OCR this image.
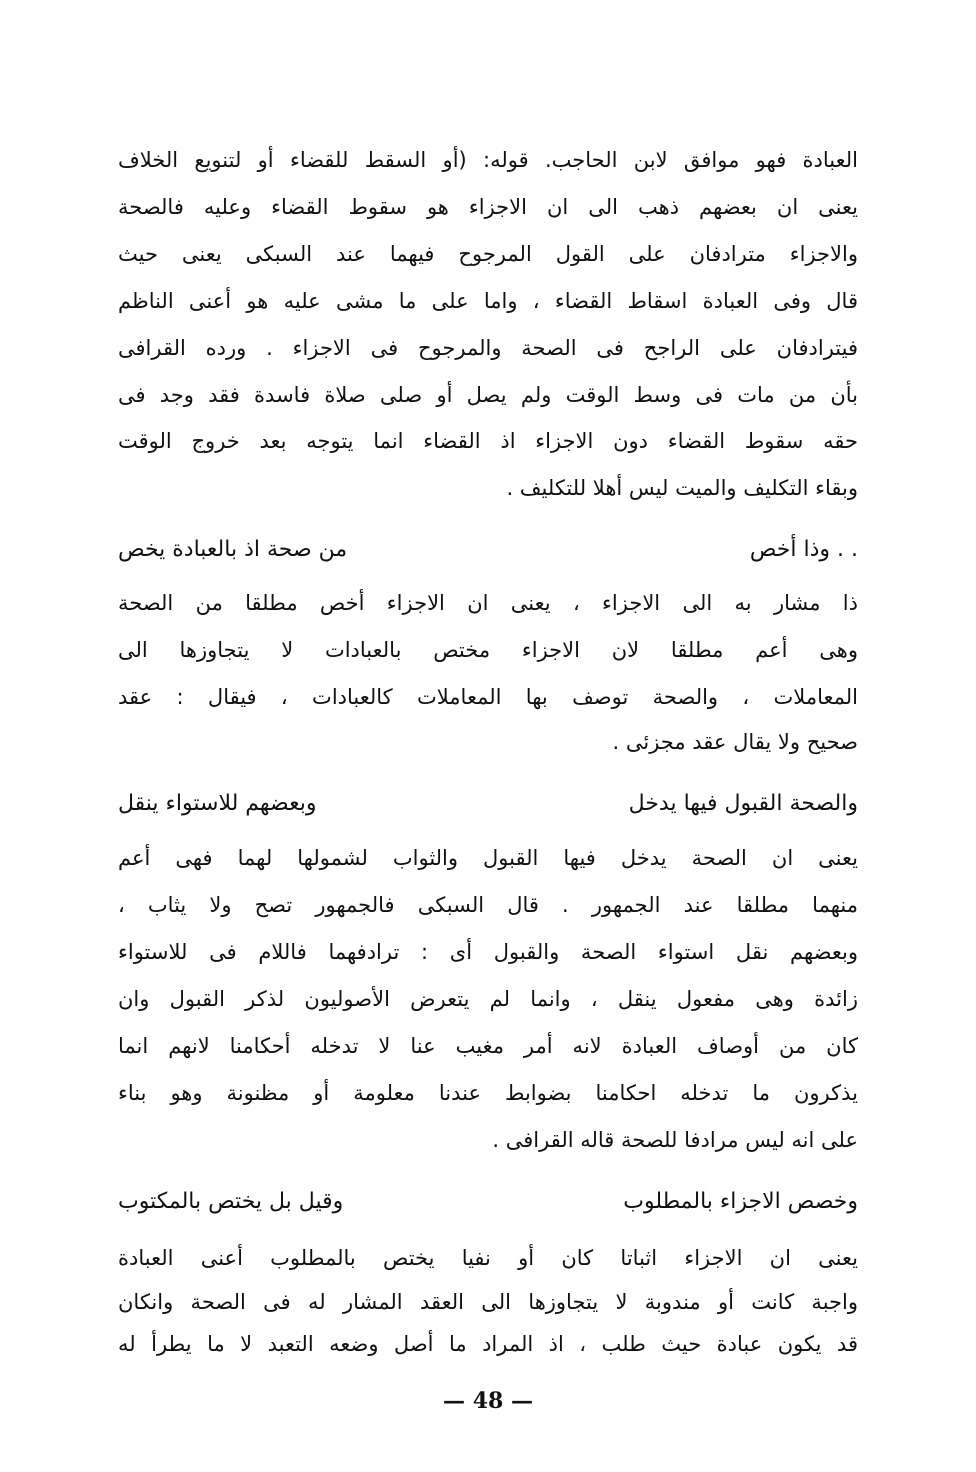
العبادة فهو موافق لابن الحاجب. قوله: (أو السقط للقضاء أو لتنويع الخلاف
يعنى ان بعضهم ذهب الى ان الاجزاء هو سقوط القضاء وعليه فالصحة
والاجزاء مترادفان على القول المرجوح فيهما عند السبكى يعنى حيث
قال وفى العبادة اسقاط القضاء ، واما على ما مشى عليه هو أعنى الناظم
فيترادفان على الراجح فى الصحة والمرجوح فى الاجزاء . ورده القرافى
بأن من مات فى وسط الوقت ولم يصل أو صلى صلاة فاسدة فقد وجد فى
حقه سقوط القضاء دون الاجزاء اذ القضاء انما يتوجه بعد خروج الوقت
وبقاء التكليف والميت ليس أهلا للتكليف .
. . وذا أخص
من صحة اذ بالعبادة يخص
ذا مشار به الى الاجزاء ، يعنى ان الاجزاء أخص مطلقا من الصحة
وهى أعم مطلقا لان الاجزاء مختص بالعبادات لا يتجاوزها الى
المعاملات ، والصحة توصف بها المعاملات كالعبادات ، فيقال : عقد
صحيح ولا يقال عقد مجزئى .
والصحة القبول فيها يدخل
وبعضهم للاستواء ينقل
يعنى ان الصحة يدخل فيها القبول والثواب لشمولها لهما فهى أعم
منهما مطلقا عند الجمهور . قال السبكى فالجمهور تصح ولا يثاب ،
وبعضهم نقل استواء الصحة والقبول أى : ترادفهما فاللام فى للاستواء
زائدة وهى مفعول ينقل ، وانما لم يتعرض الأصوليون لذكر القبول وان
كان من أوصاف العبادة لانه أمر مغيب عنا لا تدخله أحكامنا لانهم انما
يذكرون ما تدخله احكامنا بضوابط عندنا معلومة أو مظنونة وهو بناء
على انه ليس مرادفا للصحة قاله القرافى .
وخصص الاجزاء بالمطلوب
وقيل بل يختص بالمكتوب
يعنى ان الاجزاء اثباتا كان أو نفيا يختص بالمطلوب أعنى العبادة
واجبة كانت أو مندوبة لا يتجاوزها الى العقد المشار له فى الصحة وانكان
قد يكون عبادة حيث طلب ، اذ المراد ما أصل وضعه التعبد لا ما يطرأ له
— 48 —
